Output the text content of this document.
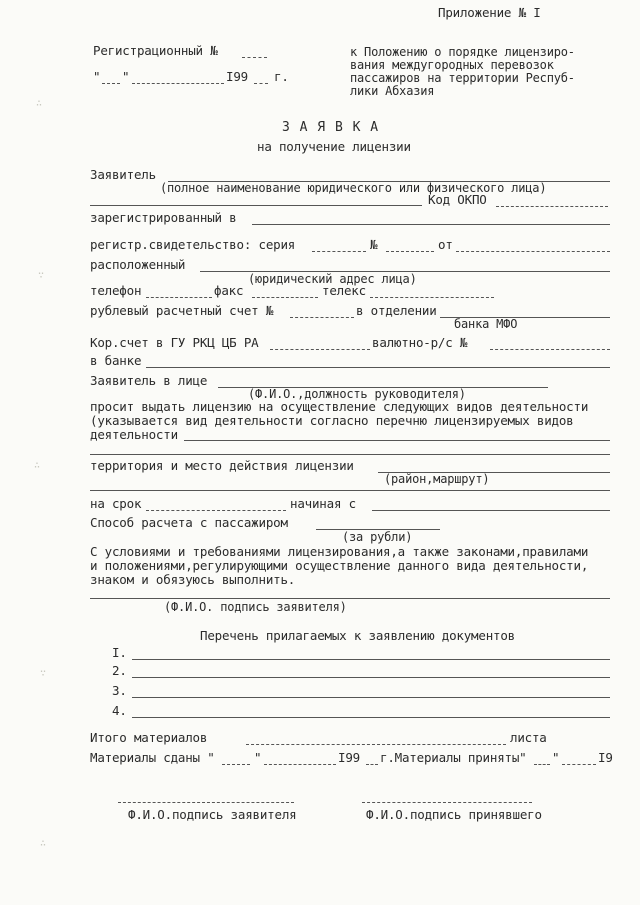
Приложение № I
к Положению о порядке лицензиро-
вания междугородных перевозок
пассажиров на территории Респуб-
лики Абхазия
Регистрационный №
" "	I99 г.
З А Я В К А
на получение лицензии
Заявитель
(полное наименование юридического или физического лица)
Код ОКПО
зарегистрированный в
регистр.свидетельство: серия	№	от
расположенный
(юридический адрес лица)
телефон	факс	телекс
рублевый расчетный счет №	в отделении
банка МФО
Кор.счет в ГУ РКЦ ЦБ РА	валютно-р/с №
в банке
Заявитель в лице
(Ф.И.О.,должность руководителя)
просит выдать лицензию на осуществление следующих видов деятельности
(указывается вид деятельности согласно перечню лицензируемых видов
деятельности
территория и место действия лицензии
(район,маршрут)
на срок	начиная с
Способ расчета с пассажиром
(за рубли)
С условиями и требованиями лицензирования,а также законами,правилами
и положениями,регулирующими осуществление данного вида деятельности,
знаком и обязуюсь выполнить.
(Ф.И.О. подпись заявителя)
Перечень прилагаемых к заявлению документов
I.
2.
3.
4.
Итого материалов	листа
Материалы сданы "	"	I99 г.Материалы приняты" "	I9
Ф.И.О.подпись заявителя	Ф.И.О.подпись принявшего
∴
∵
∴
∵
∴
